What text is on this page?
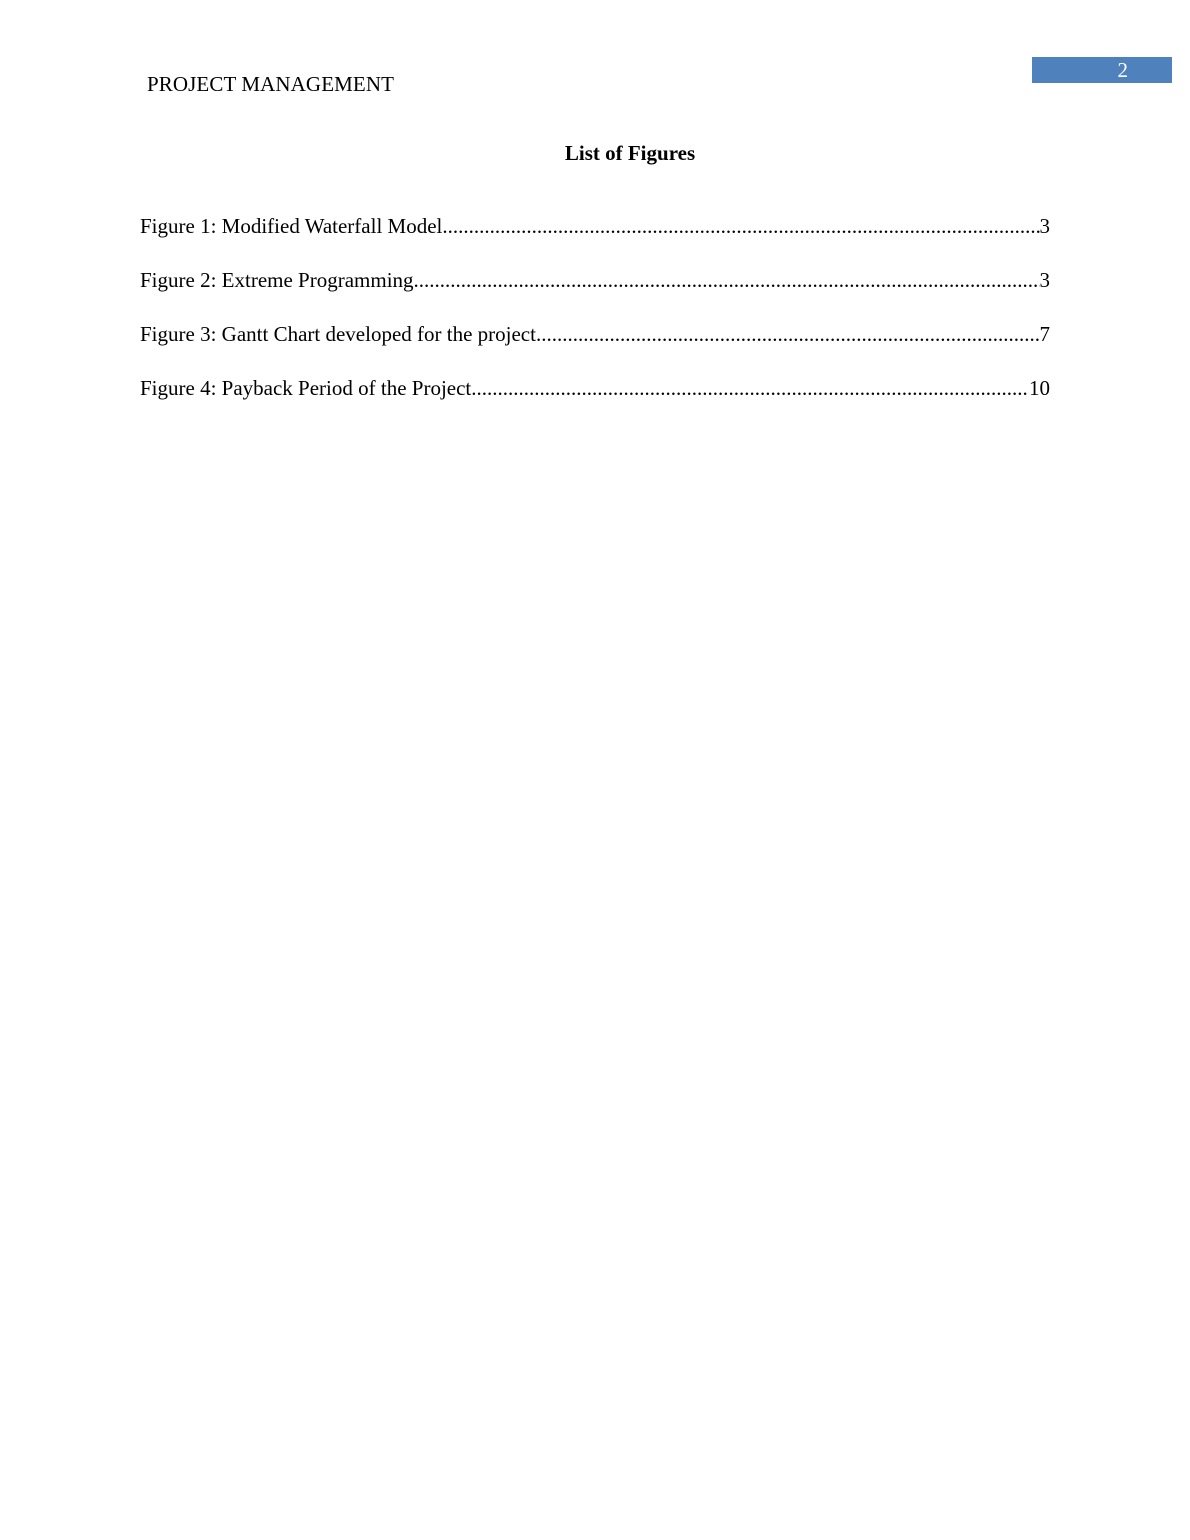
PROJECT MANAGEMENT
2
List of Figures
Figure 1: Modified Waterfall Model .....	3
Figure 2: Extreme Programming .....	3
Figure 3: Gantt Chart developed for the project .....	7
Figure 4: Payback Period of the Project .....	10
